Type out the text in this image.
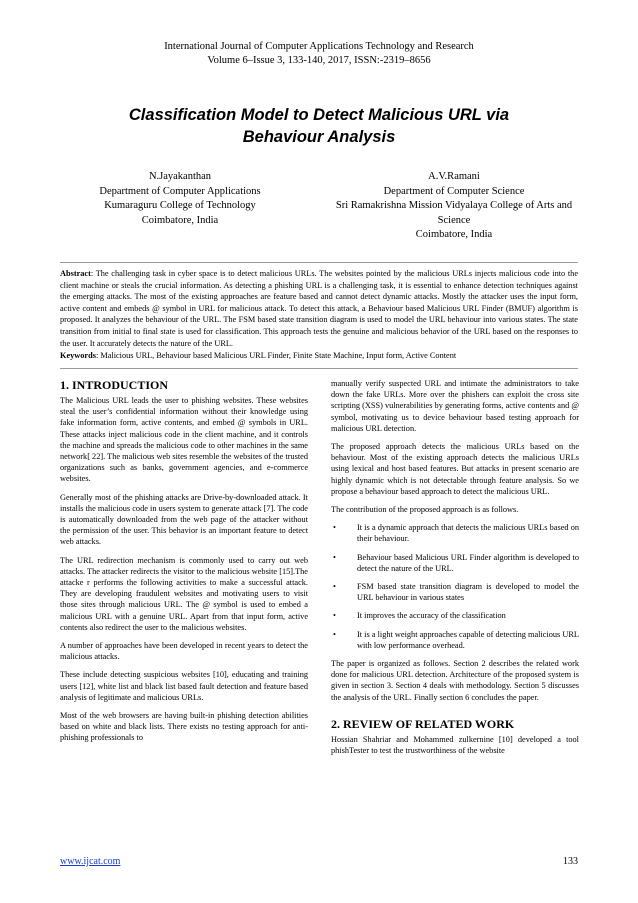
International Journal of Computer Applications Technology and Research
Volume 6–Issue 3, 133-140, 2017, ISSN:-2319–8656
Classification Model to Detect Malicious URL via
Behaviour Analysis
N.Jayakanthan
Department of Computer Applications
Kumaraguru College of Technology
Coimbatore, India
A.V.Ramani
Department of Computer Science
Sri Ramakrishna Mission Vidyalaya College of Arts and Science
Coimbatore, India
Abstract: The challenging task in cyber space is to detect malicious URLs. The websites pointed by the malicious URLs injects malicious code into the client machine or steals the crucial information. As detecting a phishing URL is a challenging task, it is essential to enhance detection techniques against the emerging attacks. The most of the existing approaches are feature based and cannot detect dynamic attacks. Mostly the attacker uses the input form, active content and embeds @ symbol in URL for malicious attack. To detect this attack, a Behaviour based Malicious URL Finder (BMUF) algorithm is proposed. It analyzes the behaviour of the URL. The FSM based state transition diagram is used to model the URL behaviour into various states. The state transition from initial to final state is used for classification. This approach tests the genuine and malicious behavior of the URL based on the responses to the user. It accurately detects the nature of the URL.
Keywords: Malicious URL, Behaviour based Malicious URL Finder, Finite State Machine, Input form, Active Content
1. INTRODUCTION

The Malicious URL leads the user to phishing websites. These websites steal the user’s confidential information without their knowledge using fake information form, active contents, and embed @ symbols in URL. These attacks inject malicious code in the client machine, and it controls the machine and spreads the malicious code to other machines in the same network[ 22]. The malicious web sites resemble the websites of the trusted organizations such as banks, government agencies, and e-commerce websites.

Generally most of the phishing attacks are Drive-by-downloaded attack. It installs the malicious code in users system to generate attack [7]. The code is automatically downloaded from the web page of the attacker without the permission of the user. This behavior is an important feature to detect web attacks.

The URL redirection mechanism is commonly used to carry out web attacks. The attacker redirects the visitor to the malicious website [15].The attacke r performs the following activities to make a successful attack. They are developing fraudulent websites and motivating users to visit those sites through malicious URL. The @ symbol is used to embed a malicious URL with a genuine URL. Apart from that input form, active contents also redirect the user to the malicious websites.

A number of approaches have been developed in recent years to detect the malicious attacks.

These include detecting suspicious websites [10], educating and training users [12], white list and black list based fault detection and feature based analysis of legitimate and malicious URLs.

Most of the web browsers are having built-in phishing detection abilities based on white and black lists. There exists no testing approach for anti-phishing professionals to

manually verify suspected URL and intimate the administrators to take down the fake URLs. More over the phishers can exploit the cross site scripting (XSS) vulnerabilities by generating forms, active contents and @ symbol, motivating us to device behaviour based testing approach for malicious URL detection.

The proposed approach detects the malicious URLs based on the behaviour. Most of the existing approach detects the malicious URLs using lexical and host based features. But attacks in present scenario are highly dynamic which is not detectable through feature analysis. So we propose a behaviour based approach to detect the malicious URL.

The contribution of the proposed approach is as follows.

•	It is a dynamic approach that detects the malicious URLs based on their behaviour.
•	Behaviour based Malicious URL Finder algorithm is developed to detect the nature of the URL.
•	FSM based state transition diagram is developed to model the URL behaviour in various states
•	It improves the accuracy of the classification
•	It is a light weight approaches capable of detecting malicious URL with low performance overhead.

The paper is organized as follows. Section 2 describes the related work done for malicious URL detection. Architecture of the proposed system is given in section 3. Section 4 deals with methodology. Section 5 discusses the analysis of the URL. Finally section 6 concludes the paper.

2. REVIEW OF RELATED WORK

Hossian Shahriar and Mohammed zulkernine [10] developed a tool phishTester to test the trustworthiness of the website

www.ijcat.com	133
